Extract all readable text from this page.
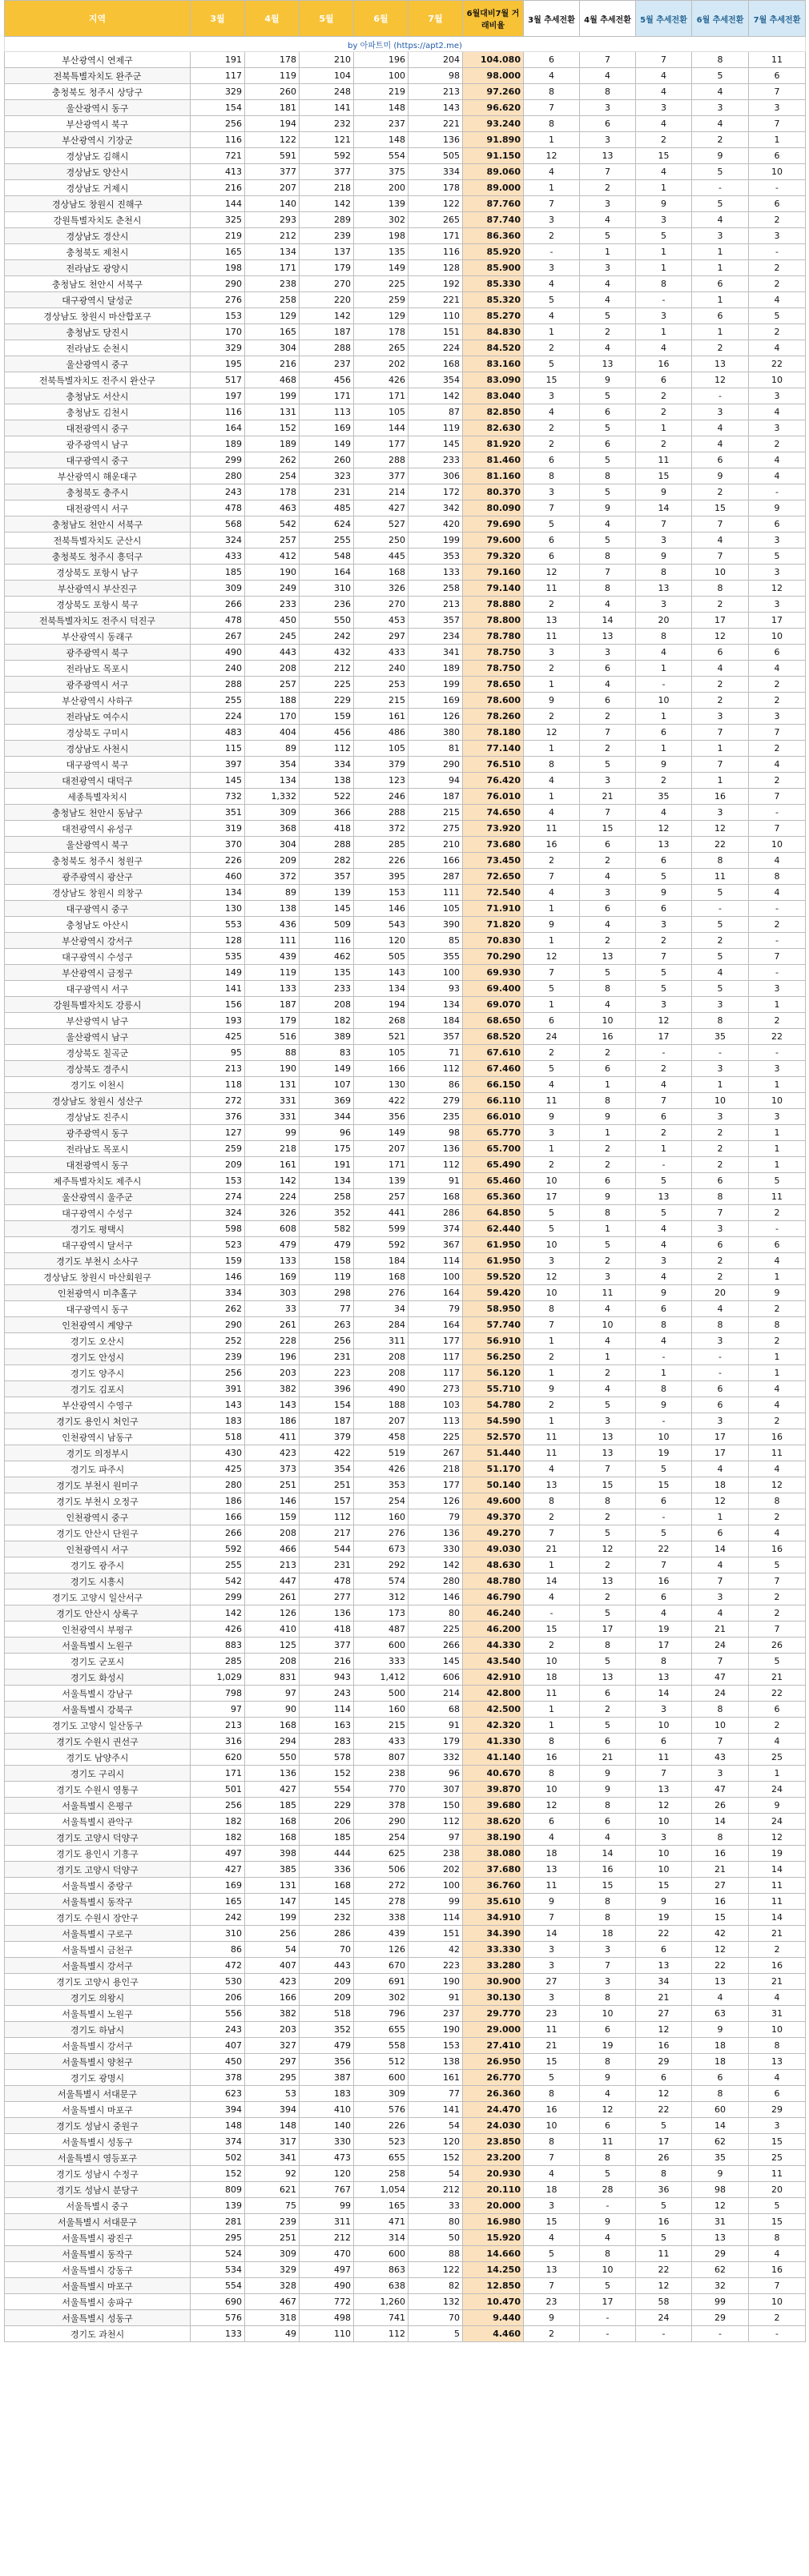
지역	3월	4월	5월	6월	7월	6월대비7월 거래비율	3월 추세전환	4월 추세전환	5월 추세전환	6월 추세전환	7월 추세전환
by 아파트미 (https://apt2.me)											
부산광역시 연제구	191	178	210	196	204	104.080	6	7	7	8	11
전북특별자치도 완주군	117	119	104	100	98	98.000	4	4	4	5	6
충청북도 청주시 상당구	329	260	248	219	213	97.260	8	8	4	4	7
울산광역시 동구	154	181	141	148	143	96.620	7	3	3	3	3
부산광역시 북구	256	194	232	237	221	93.240	8	6	4	4	7
부산광역시 기장군	116	122	121	148	136	91.890	1	3	2	2	1
경상남도 김해시	721	591	592	554	505	91.150	12	13	15	9	6
경상남도 양산시	413	377	377	375	334	89.060	4	7	4	5	10
경상남도 거제시	216	207	218	200	178	89.000	1	2	1	-	-
경상남도 창원시 진해구	144	140	142	139	122	87.760	7	3	9	5	6
강원특별자치도 춘천시	325	293	289	302	265	87.740	3	4	3	4	2
경상남도 경산시	219	212	239	198	171	86.360	2	5	5	3	3
충청북도 제천시	165	134	137	135	116	85.920	-	1	1	1	-
전라남도 광양시	198	171	179	149	128	85.900	3	3	1	1	2
충청남도 천안시 서북구	290	238	270	225	192	85.330	4	4	8	6	2
대구광역시 달성군	276	258	220	259	221	85.320	5	4	-	1	4
경상남도 창원시 마산합포구	153	129	142	129	110	85.270	4	5	3	6	5
충청남도 당진시	170	165	187	178	151	84.830	1	2	1	1	2
전라남도 순천시	329	304	288	265	224	84.520	2	4	4	2	4
울산광역시 중구	195	216	237	202	168	83.160	5	13	16	13	22
전북특별자치도 전주시 완산구	517	468	456	426	354	83.090	15	9	6	12	10
충청남도 서산시	197	199	171	171	142	83.040	3	5	2	-	3
충청남도 김천시	116	131	113	105	87	82.850	4	6	2	3	4
대전광역시 중구	164	152	169	144	119	82.630	2	5	1	4	3
광주광역시 남구	189	189	149	177	145	81.920	2	6	2	4	2
대구광역시 중구	299	262	260	288	233	81.460	6	5	11	6	4
부산광역시 해운대구	280	254	323	377	306	81.160	8	8	15	9	4
충청북도 충주시	243	178	231	214	172	80.370	3	5	9	2	-
대전광역시 서구	478	463	485	427	342	80.090	7	9	14	15	9
충청남도 천안시 서북구	568	542	624	527	420	79.690	5	4	7	7	6
전북특별자치도 군산시	324	257	255	250	199	79.600	6	5	3	4	3
충청북도 청주시 흥덕구	433	412	548	445	353	79.320	6	8	9	7	5
경상북도 포항시 남구	185	190	164	168	133	79.160	12	7	8	10	3
부산광역시 부산진구	309	249	310	326	258	79.140	11	8	13	8	12
경상북도 포항시 북구	266	233	236	270	213	78.880	2	4	3	2	3
전북특별자치도 전주시 덕진구	478	450	550	453	357	78.800	13	14	20	17	17
부산광역시 동래구	267	245	242	297	234	78.780	11	13	8	12	10
광주광역시 북구	490	443	432	433	341	78.750	3	3	4	6	6
전라남도 목포시	240	208	212	240	189	78.750	2	6	1	4	4
광주광역시 서구	288	257	225	253	199	78.650	1	4	-	2	2
부산광역시 사하구	255	188	229	215	169	78.600	9	6	10	2	2
전라남도 여수시	224	170	159	161	126	78.260	2	2	1	3	3
경상북도 구미시	483	404	456	486	380	78.180	12	7	6	7	7
경상남도 사천시	115	89	112	105	81	77.140	1	2	1	1	2
대구광역시 북구	397	354	334	379	290	76.510	8	5	9	7	4
대전광역시 대덕구	145	134	138	123	94	76.420	4	3	2	1	2
세종특별자치시	732	1,332	522	246	187	76.010	1	21	35	16	7
충청남도 천안시 동남구	351	309	366	288	215	74.650	4	7	4	3	-
대전광역시 유성구	319	368	418	372	275	73.920	11	15	12	12	7
울산광역시 북구	370	304	288	285	210	73.680	16	6	13	22	10
충청북도 청주시 청원구	226	209	282	226	166	73.450	2	2	6	8	4
광주광역시 광산구	460	372	357	395	287	72.650	7	4	5	11	8
경상남도 창원시 의창구	134	89	139	153	111	72.540	4	3	9	5	4
대구광역시 중구	130	138	145	146	105	71.910	1	6	6	-	-
충청남도 아산시	553	436	509	543	390	71.820	9	4	3	5	2
부산광역시 강서구	128	111	116	120	85	70.830	1	2	2	2	-
대구광역시 수성구	535	439	462	505	355	70.290	12	13	7	5	7
부산광역시 금정구	149	119	135	143	100	69.930	7	5	5	4	-
대구광역시 서구	141	133	233	134	93	69.400	5	8	5	5	3
강원특별자치도 강릉시	156	187	208	194	134	69.070	1	4	3	3	1
부산광역시 남구	193	179	182	268	184	68.650	6	10	12	8	2
울산광역시 남구	425	516	389	521	357	68.520	24	16	17	35	22
경상북도 칠곡군	95	88	83	105	71	67.610	2	2	-	-	-
경상북도 경주시	213	190	149	166	112	67.460	5	6	2	3	3
경기도 이천시	118	131	107	130	86	66.150	4	1	4	1	1
경상남도 창원시 성산구	272	331	369	422	279	66.110	11	8	7	10	10
경상남도 진주시	376	331	344	356	235	66.010	9	9	6	3	3
광주광역시 동구	127	99	96	149	98	65.770	3	1	2	2	1
전라남도 목포시	259	218	175	207	136	65.700	1	2	1	2	1
대전광역시 동구	209	161	191	171	112	65.490	2	2	-	2	1
제주특별자치도 제주시	153	142	134	139	91	65.460	10	6	5	6	5
울산광역시 울주군	274	224	258	257	168	65.360	17	9	13	8	11
대구광역시 수성구	324	326	352	441	286	64.850	5	8	5	7	2
경기도 평택시	598	608	582	599	374	62.440	5	1	4	3	-
대구광역시 달서구	523	479	479	592	367	61.950	10	5	4	6	6
경기도 부천시 소사구	159	133	158	184	114	61.950	3	2	3	2	4
경상남도 창원시 마산회원구	146	169	119	168	100	59.520	12	3	4	2	1
인천광역시 미추홀구	334	303	298	276	164	59.420	10	11	9	20	9
대구광역시 동구	262	33	77	34	79	58.950	8	4	6	4	2
인천광역시 계양구	290	261	263	284	164	57.740	7	10	8	8	8
경기도 오산시	252	228	256	311	177	56.910	1	4	4	3	2
경기도 안성시	239	196	231	208	117	56.250	2	1	-	-	1
경기도 양주시	256	203	223	208	117	56.120	1	2	1	-	1
경기도 김포시	391	382	396	490	273	55.710	9	4	8	6	4
부산광역시 수영구	143	143	154	188	103	54.780	2	5	9	6	4
경기도 용인시 처인구	183	186	187	207	113	54.590	1	3	-	3	2
인천광역시 남동구	518	411	379	458	225	52.570	11	13	10	17	16
경기도 의정부시	430	423	422	519	267	51.440	11	13	19	17	11
경기도 파주시	425	373	354	426	218	51.170	4	7	5	4	4
경기도 부천시 원미구	280	251	251	353	177	50.140	13	15	15	18	12
경기도 부천시 오정구	186	146	157	254	126	49.600	8	8	6	12	8
인천광역시 중구	166	159	112	160	79	49.370	2	2	-	1	2
경기도 안산시 단원구	266	208	217	276	136	49.270	7	5	5	6	4
인천광역시 서구	592	466	544	673	330	49.030	21	12	22	14	16
경기도 광주시	255	213	231	292	142	48.630	1	2	7	4	5
경기도 시흥시	542	447	478	574	280	48.780	14	13	16	7	7
경기도 고양시 일산서구	299	261	277	312	146	46.790	4	2	6	3	2
경기도 안산시 상록구	142	126	136	173	80	46.240	-	5	4	4	2
인천광역시 부평구	426	410	418	487	225	46.200	15	17	19	21	7
서울특별시 노원구	883	125	377	600	266	44.330	2	8	17	24	26
경기도 군포시	285	208	216	333	145	43.540	10	5	8	7	5
경기도 화성시	1,029	831	943	1,412	606	42.910	18	13	13	47	21
서울특별시 강남구	798	97	243	500	214	42.800	11	6	14	24	22
서울특별시 강북구	97	90	114	160	68	42.500	1	2	3	8	6
경기도 고양시 일산동구	213	168	163	215	91	42.320	1	5	10	10	2
경기도 수원시 권선구	316	294	283	433	179	41.330	8	6	6	7	4
경기도 남양주시	620	550	578	807	332	41.140	16	21	11	43	25
경기도 구리시	171	136	152	238	96	40.670	8	9	7	3	1
경기도 수원시 영통구	501	427	554	770	307	39.870	10	9	13	47	24
서울특별시 은평구	256	185	229	378	150	39.680	12	8	12	26	9
서울특별시 관악구	182	168	206	290	112	38.620	6	6	10	14	24
경기도 고양시 덕양구	182	168	185	254	97	38.190	4	4	3	8	12
경기도 용인시 기흥구	497	398	444	625	238	38.080	18	14	10	16	19
경기도 고양시 덕양구	427	385	336	506	202	37.680	13	16	10	21	14
서울특별시 중랑구	169	131	168	272	100	36.760	11	15	15	27	11
서울특별시 동작구	165	147	145	278	99	35.610	9	8	9	16	11
경기도 수원시 장안구	242	199	232	338	114	34.910	7	8	19	15	14
서울특별시 구로구	310	256	286	439	151	34.390	14	18	22	42	21
서울특별시 금천구	86	54	70	126	42	33.330	3	3	6	12	2
서울특별시 강서구	472	407	443	670	223	33.280	3	7	13	22	16
경기도 고양시 용인구	530	423	209	691	190	30.900	27	3	34	13	21
경기도 의왕시	206	166	209	302	91	30.130	3	8	21	4	4
서울특별시 노원구	556	382	518	796	237	29.770	23	10	27	63	31
경기도 하남시	243	203	352	655	190	29.000	11	6	12	9	10
서울특별시 강서구	407	327	479	558	153	27.410	21	19	16	18	8
서울특별시 양천구	450	297	356	512	138	26.950	15	8	29	18	13
경기도 광명시	378	295	387	600	161	26.770	5	9	6	6	4
서울특별시 서대문구	623	53	183	309	77	26.360	8	4	12	8	6
서울특별시 마포구	394	394	410	576	141	24.470	16	12	22	60	29
경기도 성남시 중원구	148	148	140	226	54	24.030	10	6	5	14	3
서울특별시 성동구	374	317	330	523	120	23.850	8	11	17	62	15
서울특별시 영등포구	502	341	473	655	152	23.200	7	8	26	35	25
경기도 성남시 수정구	152	92	120	258	54	20.930	4	5	8	9	11
경기도 성남시 분당구	809	621	767	1,054	212	20.110	18	28	36	98	20
서울특별시 중구	139	75	99	165	33	20.000	3	-	5	12	5
서울특별시 서대문구	281	239	311	471	80	16.980	15	9	16	31	15
서울특별시 광진구	295	251	212	314	50	15.920	4	4	5	13	8
서울특별시 동작구	524	309	470	600	88	14.660	5	8	11	29	4
서울특별시 강동구	534	329	497	863	122	14.250	13	10	22	62	16
서울특별시 마포구	554	328	490	638	82	12.850	7	5	12	32	7
서울특별시 송파구	690	467	772	1,260	132	10.470	23	17	58	99	10
서울특별시 성동구	576	318	498	741	70	9.440	9	-	24	29	2
경기도 과천시	133	49	110	112	5	4.460	2	-	-	-	-
